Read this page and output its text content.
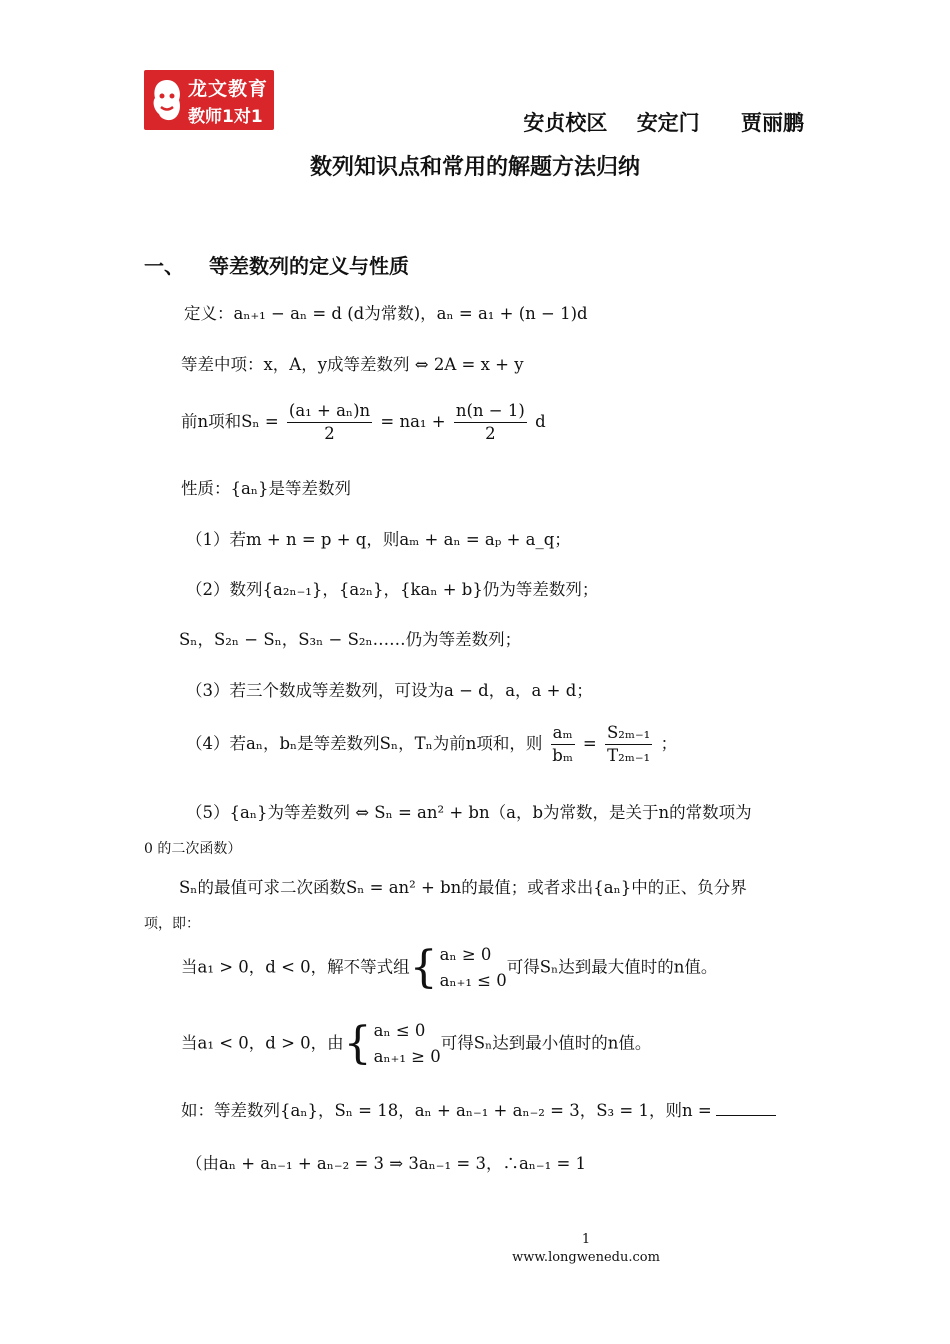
龙文教育
教师1对1	安贞校区 安定门 贾丽鹏
数列知识点和常用的解题方法归纳
一、 等差数列的定义与性质
定义：aₙ₊₁ − aₙ = d (d为常数)，aₙ = a₁ + (n − 1)d
等差中项：x，A，y成等差数列 ⇔ 2A = x + y
前n项和$S_n = \frac{\text{(a₁ + aₙ)n}}{2} = na_1 + \frac{n(n - 1)}{2}$ d
性质：{aₙ}是等差数列
（1）若m + n = p + q，则aₘ + aₙ = aₚ + a_q；
（2）数列{a₂ₙ₋₁}，{a₂ₙ}，{kaₙ + b}仍为等差数列；
Sₙ，S₂ₙ − Sₙ，S₃ₙ − S₂ₙ……仍为等差数列；
（3）若三个数成等差数列，可设为a − d，a，a + d；
（4）若aₙ，bₙ是等差数列Sₙ，Tₙ为前n项和，则 $\frac{\text{aₘ}}{\text{bₘ}} = \frac{\text{S₂ₘ₋₁}}{\text{T₂ₘ₋₁}}$ ；
（5）{aₙ}为等差数列 ⇔ Sₙ = an² + bn（a，b为常数，是关于n的常数项为
0 的二次函数）
Sₙ的最值可求二次函数Sₙ = an² + bn的最值；或者求出{aₙ}中的正、负分界
项，即：
当a₁ > 0，d < 0，解不等式组{ aₙ ≥ 0
aₙ₊₁ ≤ 0可得Sₙ达到最大值时的n值。
当a₁ < 0，d > 0，由{ aₙ ≤ 0
aₙ₊₁ ≥ 0可得Sₙ达到最小值时的n值。
如：等差数列{aₙ}，Sₙ = 18，aₙ + aₙ₋₁ + aₙ₋₂ = 3，S₃ = 1，则n =
（由aₙ + aₙ₋₁ + aₙ₋₂ = 3 ⇒ 3aₙ₋₁ = 3，∴aₙ₋₁ = 1
1
www.longwenedu.com
